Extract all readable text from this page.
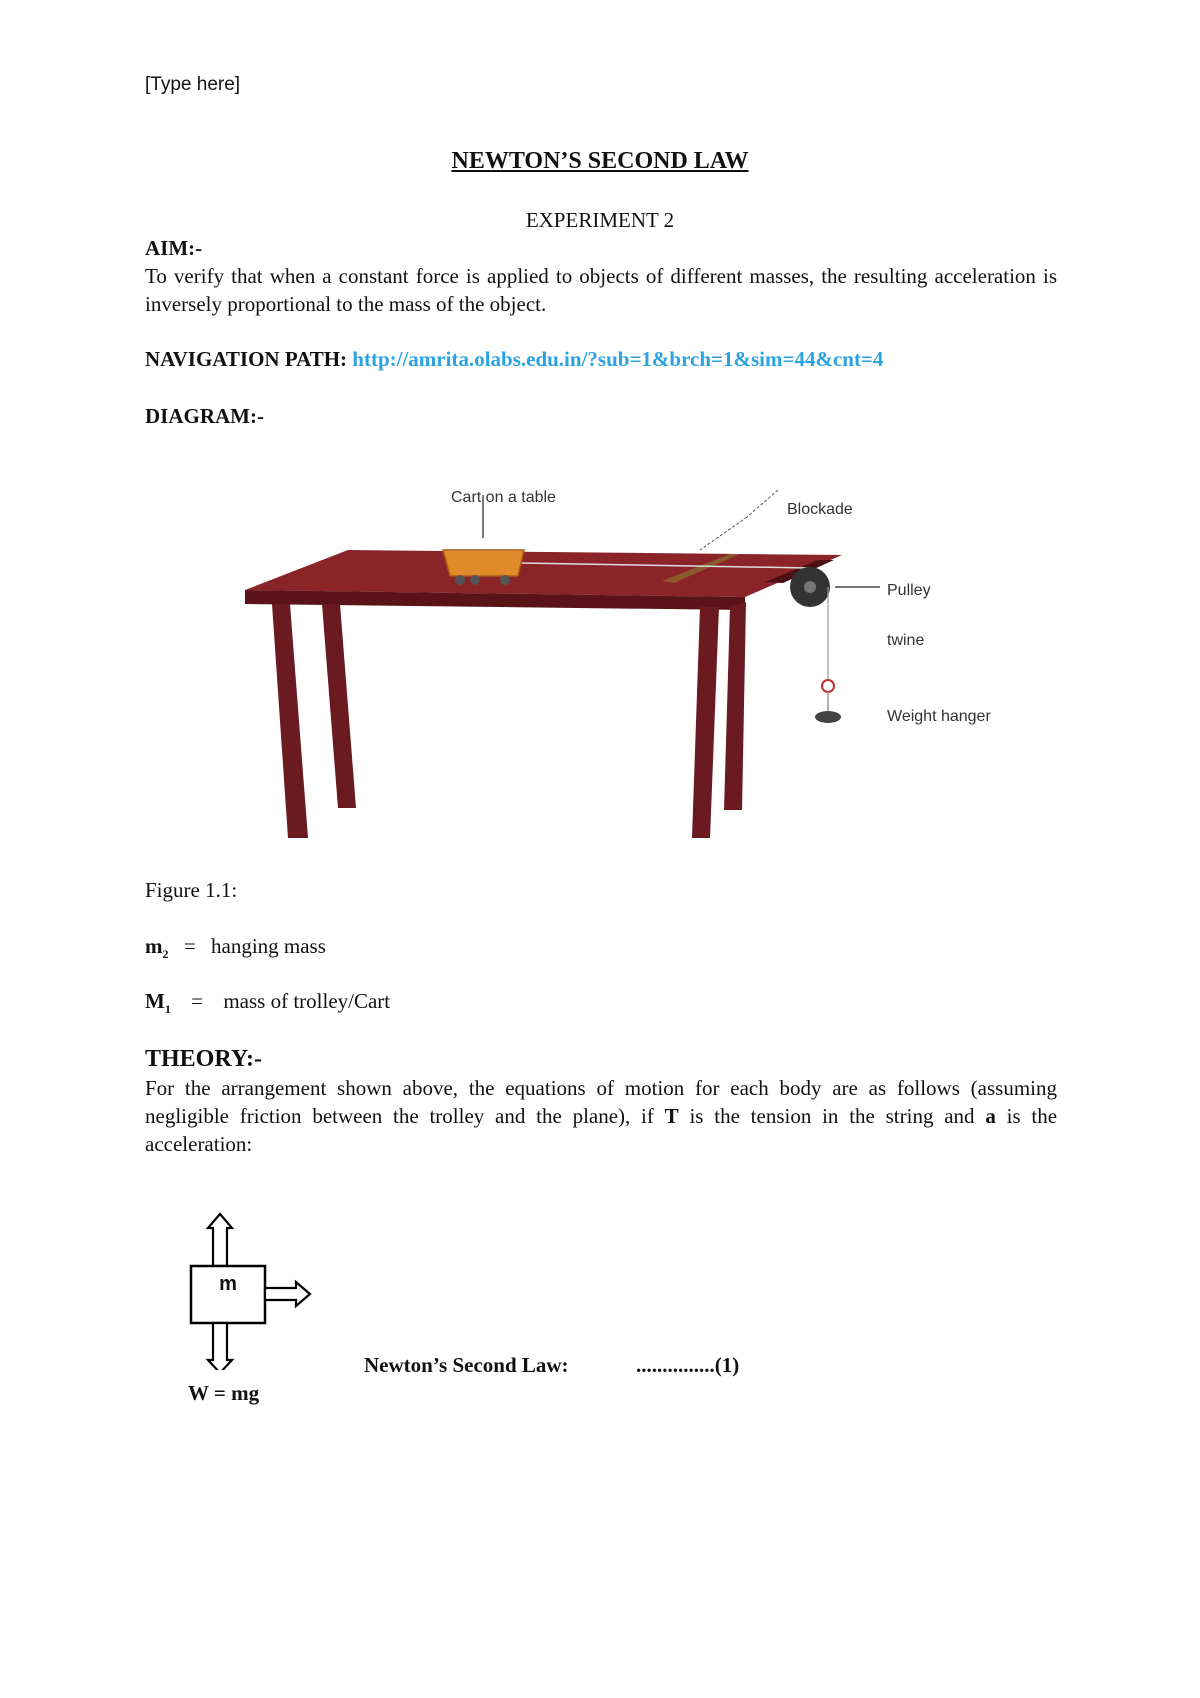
[Type here]
NEWTON’S SECOND LAW
EXPERIMENT 2
AIM:-

To verify that when a constant force is applied to objects of different masses, the resulting acceleration is inversely proportional to the mass of the object.

NAVIGATION PATH: http://amrita.olabs.edu.in/?sub=1&brch=1&sim=44&cnt=4
DIAGRAM:-
Cart on a table
Blockade
Pulley
twine
Weight hanger
Figure 1.1:
$m_2$ = hanging mass
$M_1$ = mass of trolley/Cart
THEORY:-

For the arrangement shown above, the equations of motion for each body are as follows (assuming negligible friction between the trolley and the plane), if T is the tension in the string and a is the acceleration:

m
W = mg
Newton’s Second Law:	...............(1)
